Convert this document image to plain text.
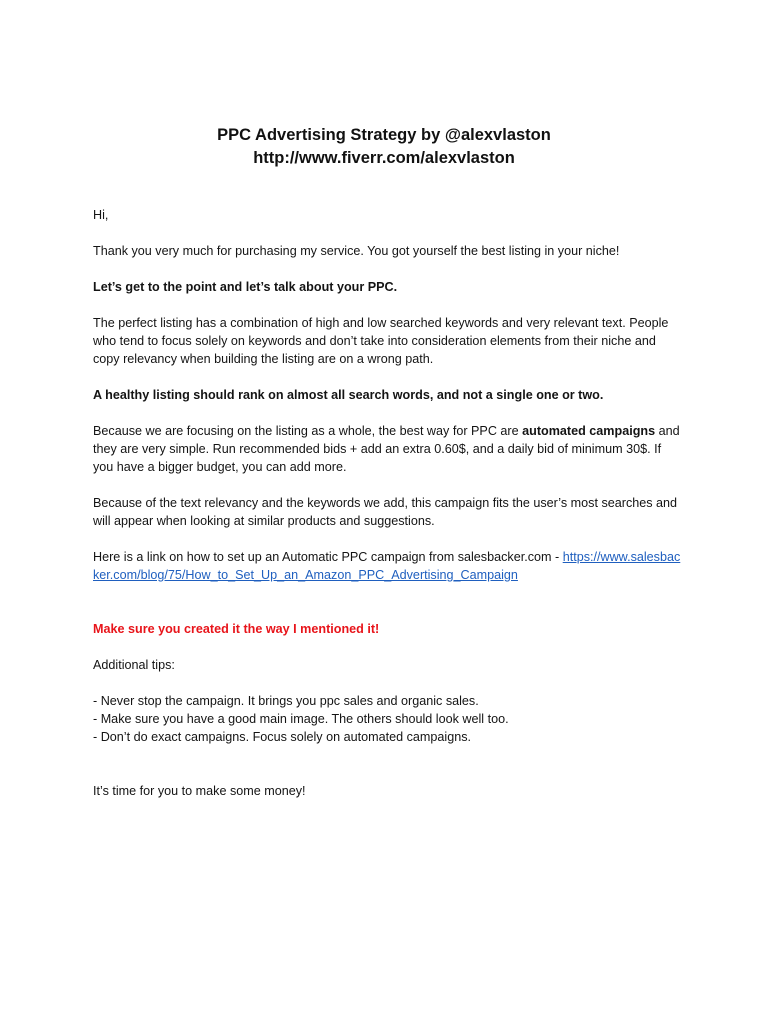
PPC Advertising Strategy by @alexvlaston
http://www.fiverr.com/alexvlaston

Hi,

Thank you very much for purchasing my service. You got yourself the best listing in your niche!

Let’s get to the point and let’s talk about your PPC.

The perfect listing has a combination of high and low searched keywords and very relevant text. People who tend to focus solely on keywords and don’t take into consideration elements from their niche and copy relevancy when building the listing are on a wrong path.

A healthy listing should rank on almost all search words, and not a single one or two.

Because we are focusing on the listing as a whole, the best way for PPC are automated campaigns and they are very simple. Run recommended bids + add an extra 0.60$, and a daily bid of minimum 30$. If you have a bigger budget, you can add more.

Because of the text relevancy and the keywords we add, this campaign fits the user’s most searches and will appear when looking at similar products and suggestions.

Here is a link on how to set up an Automatic PPC campaign from salesbacker.com - https://www.salesbacker.com/blog/75/How_to_Set_Up_an_Amazon_PPC_Advertising_Campaign

Make sure you created it the way I mentioned it!

Additional tips:

- Never stop the campaign. It brings you ppc sales and organic sales.
- Make sure you have a good main image. The others should look well too.
- Don’t do exact campaigns. Focus solely on automated campaigns.

It’s time for you to make some money!
